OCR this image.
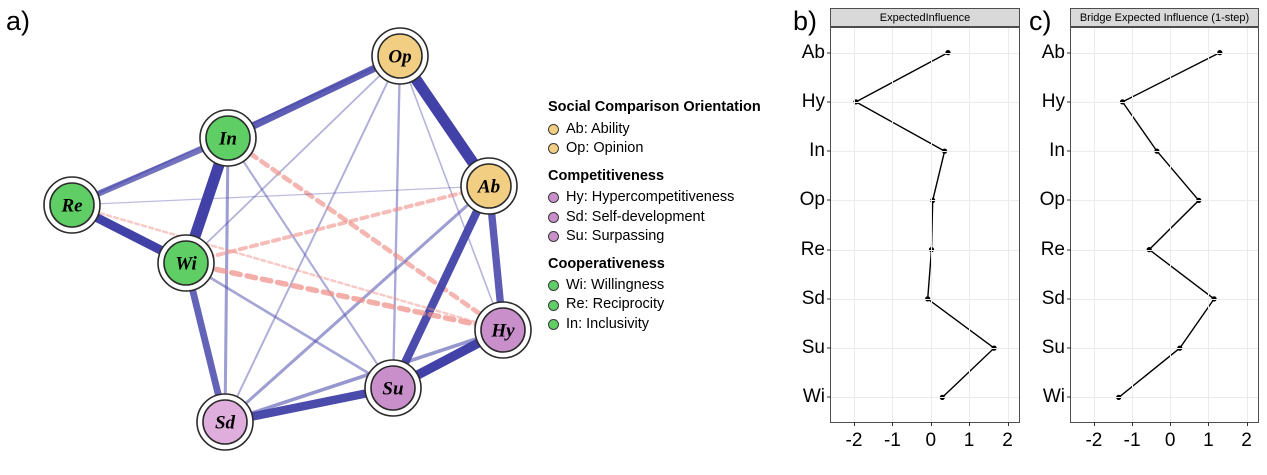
a)	b)	c)
Op
In
Ab
Re
Wi
Hy
Su
Sd
Social Comparison Orientation
Ab: Ability
Op: Opinion
Competitiveness
Hy: Hypercompetitiveness
Sd: Self-development
Su: Surpassing
Cooperativeness
Wi: Willingness
Re: Reciprocity
In: Inclusivity
ExpectedInfluence
-2 -1 0 1 2
Ab
Hy
In
Op
Re
Sd
Su
Wi
Bridge Expected Influence (1-step)
-2 -1 0 1 2
Ab
Hy
In
Op
Re
Sd
Su
Wi
